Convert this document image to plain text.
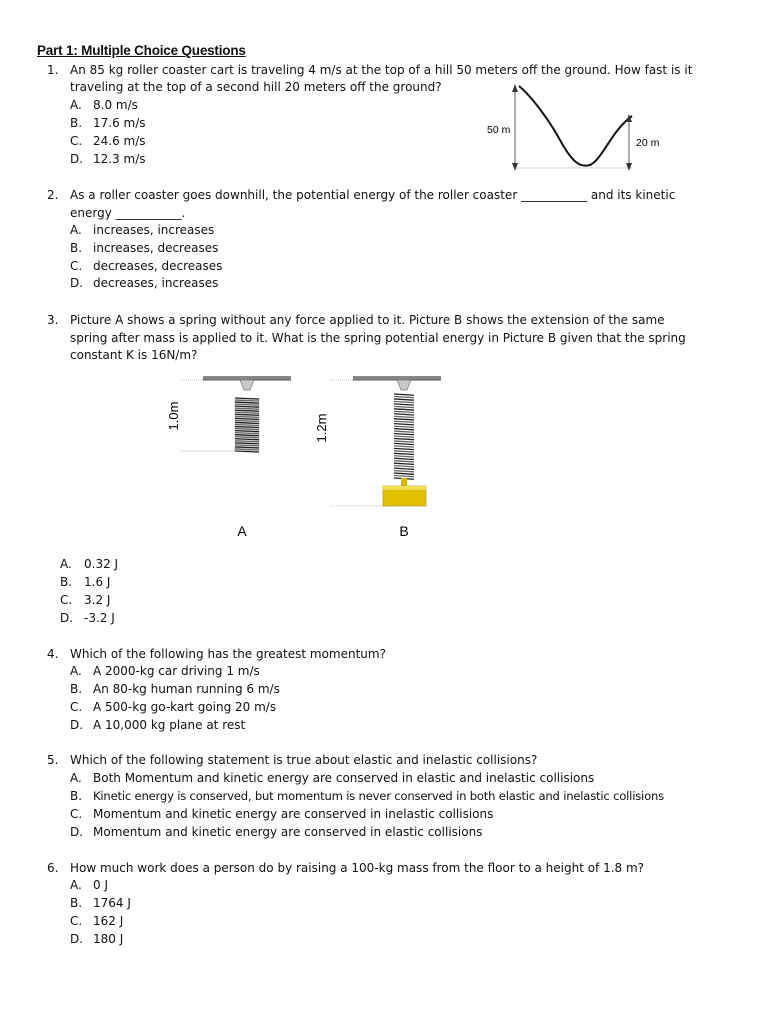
Part 1: Multiple Choice Questions
1. An 85 kg roller coaster cart is traveling 4 m/s at the top of a hill 50 meters off the ground. How fast is it
traveling at the top of a second hill 20 meters off the ground?
A. 8.0 m/s
B. 17.6 m/s
C. 24.6 m/s
D. 12.3 m/s
50 m
20 m
2. As a roller coaster goes downhill, the potential energy of the roller coaster ___________ and its kinetic
energy ___________.
A. increases, increases
B. increases, decreases
C. decreases, decreases
D. decreases, increases
3. Picture A shows a spring without any force applied to it. Picture B shows the extension of the same
spring after mass is applied to it. What is the spring potential energy in Picture B given that the spring
constant K is 16N/m?
1.0m
A
1.2m
B
A. 0.32 J
B. 1.6 J
C. 3.2 J
D. -3.2 J
4. Which of the following has the greatest momentum?
A. A 2000-kg car driving 1 m/s
B. An 80-kg human running 6 m/s
C. A 500-kg go-kart going 20 m/s
D. A 10,000 kg plane at rest
5. Which of the following statement is true about elastic and inelastic collisions?
A. Both Momentum and kinetic energy are conserved in elastic and inelastic collisions
B. Kinetic energy is conserved, but momentum is never conserved in both elastic and inelastic collisions
C. Momentum and kinetic energy are conserved in inelastic collisions
D. Momentum and kinetic energy are conserved in elastic collisions
6. How much work does a person do by raising a 100-kg mass from the floor to a height of 1.8 m?
A. 0 J
B. 1764 J
C. 162 J
D. 180 J
